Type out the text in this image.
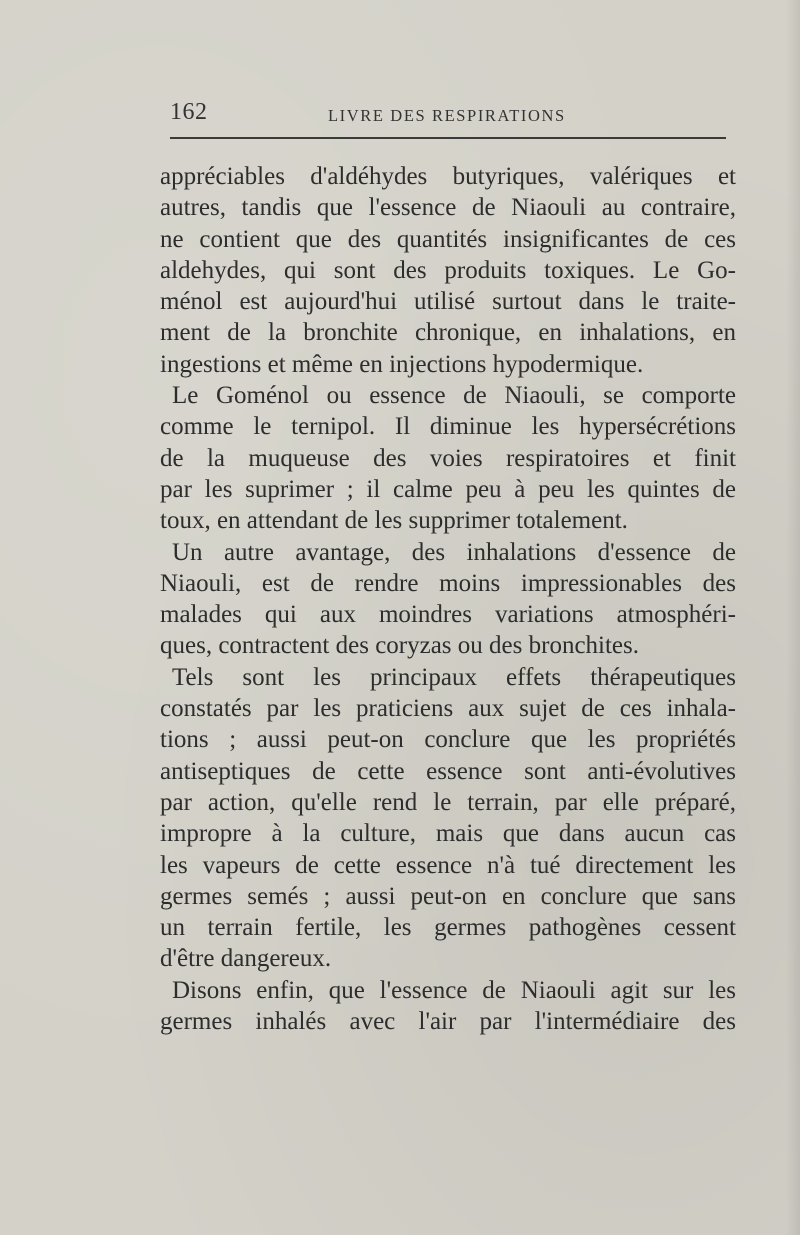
162	LIVRE DES RESPIRATIONS
appréciables d'aldéhydes butyriques, valériques et
autres, tandis que l'essence de Niaouli au contraire,
ne contient que des quantités insignificantes de ces
aldehydes, qui sont des produits toxiques. Le Go-
ménol est aujourd'hui utilisé surtout dans le traite-
ment de la bronchite chronique, en inhalations, en
ingestions et même en injections hypodermique.
Le Goménol ou essence de Niaouli, se comporte
comme le ternipol. Il diminue les hypersécrétions
de la muqueuse des voies respiratoires et finit
par les suprimer ; il calme peu à peu les quintes de
toux, en attendant de les supprimer totalement.
Un autre avantage, des inhalations d'essence de
Niaouli, est de rendre moins impressionables des
malades qui aux moindres variations atmosphéri-
ques, contractent des coryzas ou des bronchites.
Tels sont les principaux effets thérapeutiques
constatés par les praticiens aux sujet de ces inhala-
tions ; aussi peut-on conclure que les propriétés
antiseptiques de cette essence sont anti-évolutives
par action, qu'elle rend le terrain, par elle préparé,
impropre à la culture, mais que dans aucun cas
les vapeurs de cette essence n'à tué directement les
germes semés ; aussi peut-on en conclure que sans
un terrain fertile, les germes pathogènes cessent
d'être dangereux.
Disons enfin, que l'essence de Niaouli agit sur les
germes inhalés avec l'air par l'intermédiaire des
